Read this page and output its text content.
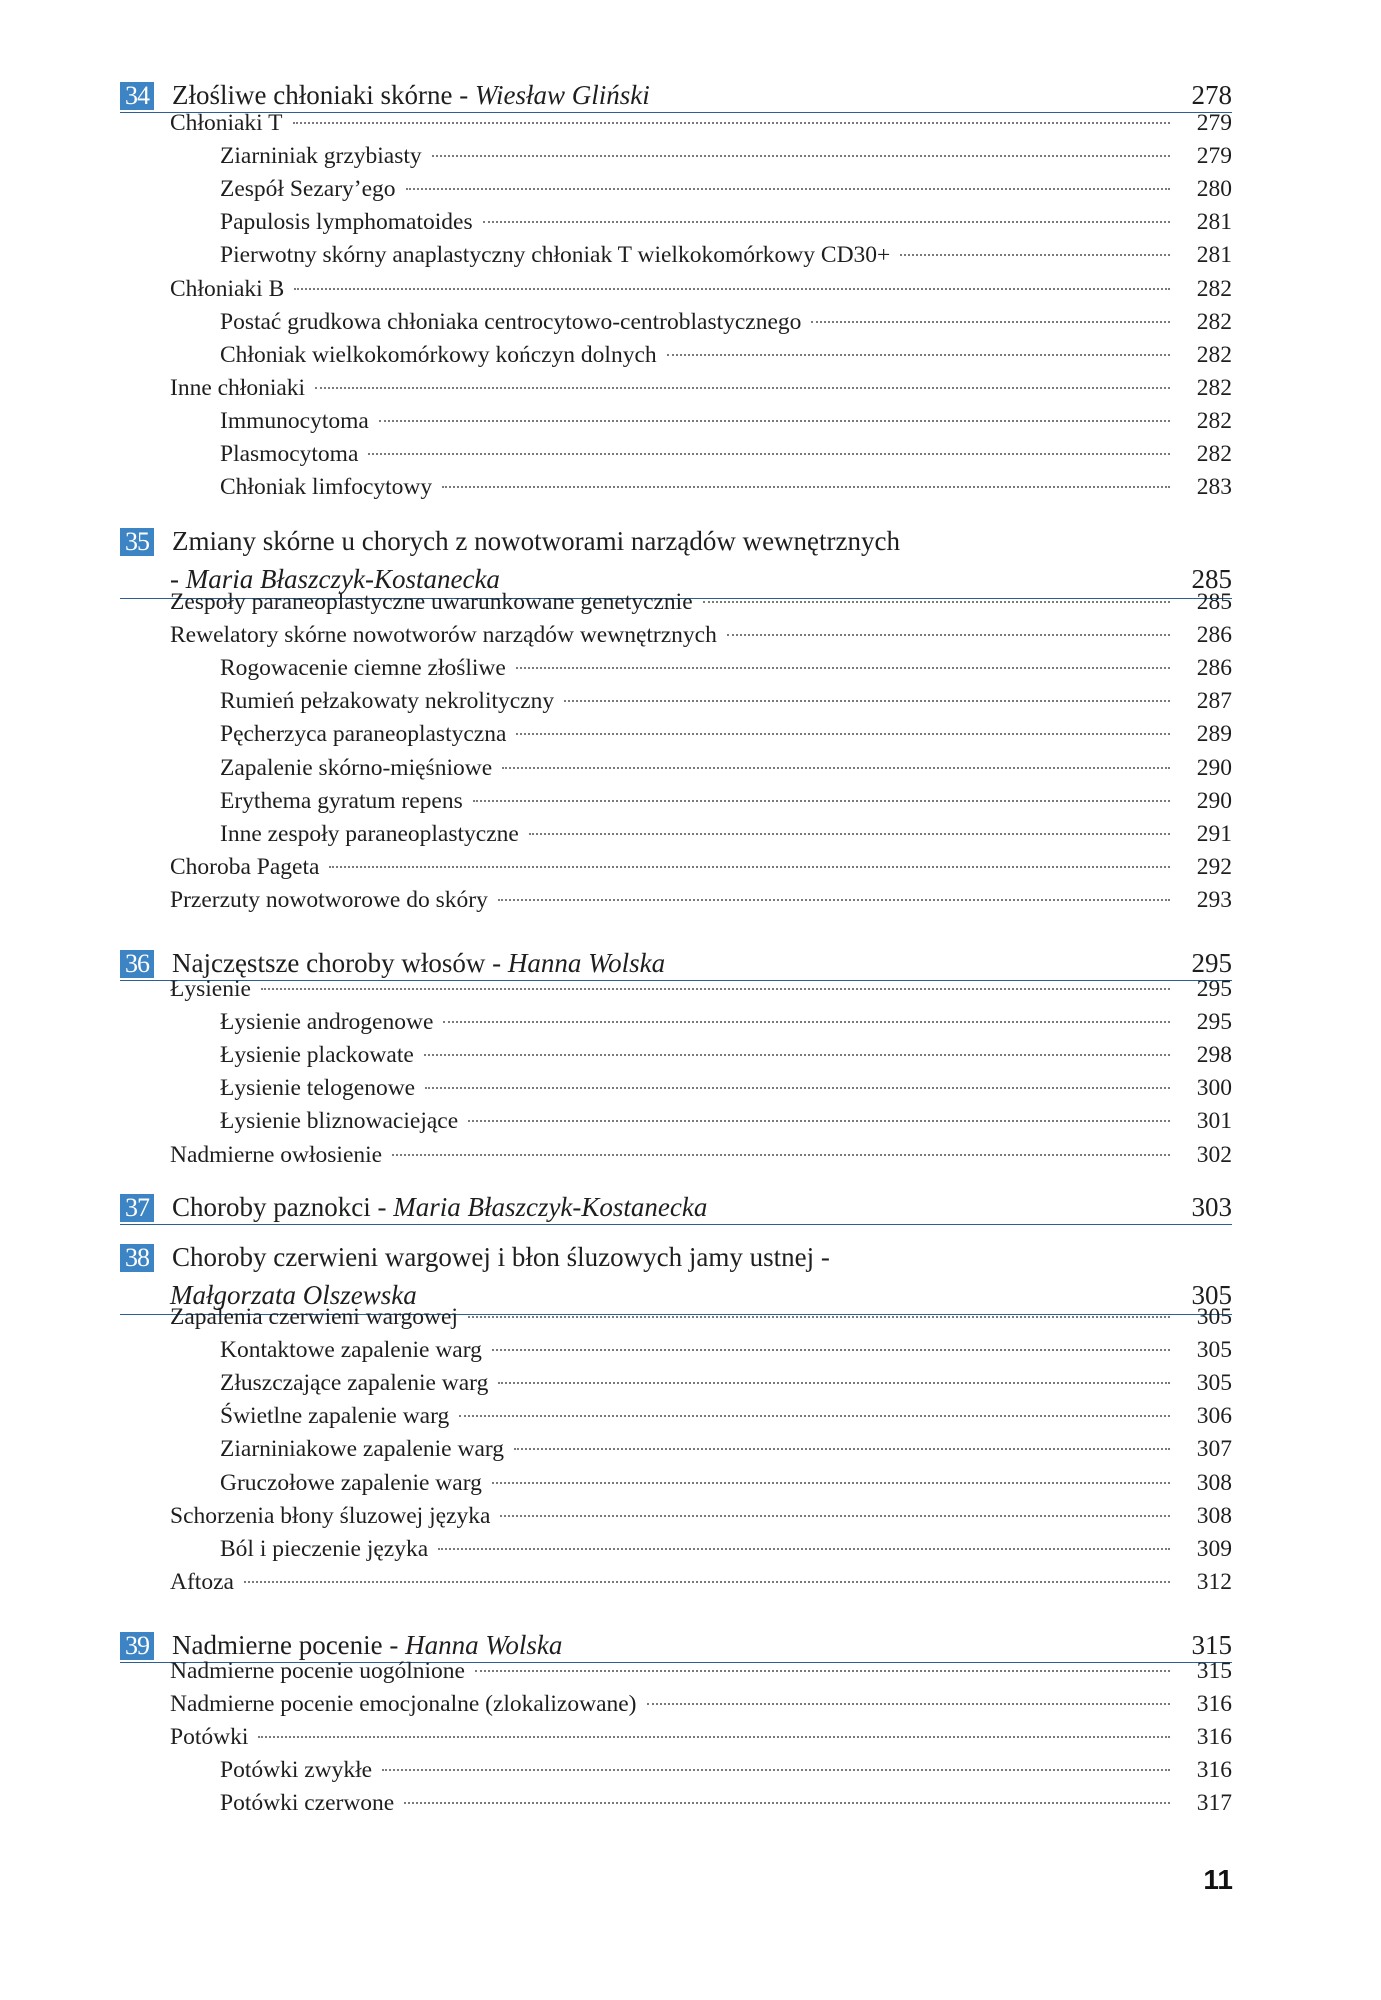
34 Złośliwe chłoniaki skórne - Wiesław Gliński	278
Chłoniaki T	279
Ziarniniak grzybiasty	279
Zespół Sezary’ego	280
Papulosis lymphomatoides	281
Pierwotny skórny anaplastyczny chłoniak T wielkokomórkowy CD30+	281
Chłoniaki B	282
Postać grudkowa chłoniaka centrocytowo-centroblastycznego	282
Chłoniak wielkokomórkowy kończyn dolnych	282
Inne chłoniaki	282
Immunocytoma	282
Plasmocytoma	282
Chłoniak limfocytowy	283
35 Zmiany skórne u chorych z nowotworami narządów wewnętrznych
- Maria Błaszczyk-Kostanecka	285
Zespoły paraneoplastyczne uwarunkowane genetycznie	285
Rewelatory skórne nowotworów narządów wewnętrznych	286
Rogowacenie ciemne złośliwe	286
Rumień pełzakowaty nekrolityczny	287
Pęcherzyca paraneoplastyczna	289
Zapalenie skórno-mięśniowe	290
Erythema gyratum repens	290
Inne zespoły paraneoplastyczne	291
Choroba Pageta	292
Przerzuty nowotworowe do skóry	293
36 Najczęstsze choroby włosów - Hanna Wolska	295
Łysienie	295
Łysienie androgenowe	295
Łysienie plackowate	298
Łysienie telogenowe	300
Łysienie bliznowaciejące	301
Nadmierne owłosienie	302
37 Choroby paznokci - Maria Błaszczyk-Kostanecka	303
38 Choroby czerwieni wargowej i błon śluzowych jamy ustnej -
Małgorzata Olszewska	305
Zapalenia czerwieni wargowej	305
Kontaktowe zapalenie warg	305
Złuszczające zapalenie warg	305
Świetlne zapalenie warg	306
Ziarniniakowe zapalenie warg	307
Gruczołowe zapalenie warg	308
Schorzenia błony śluzowej języka	308
Ból i pieczenie języka	309
Aftoza	312
39 Nadmierne pocenie - Hanna Wolska	315
Nadmierne pocenie uogólnione	315
Nadmierne pocenie emocjonalne (zlokalizowane)	316
Potówki	316
Potówki zwykłe	316
Potówki czerwone	317
11
